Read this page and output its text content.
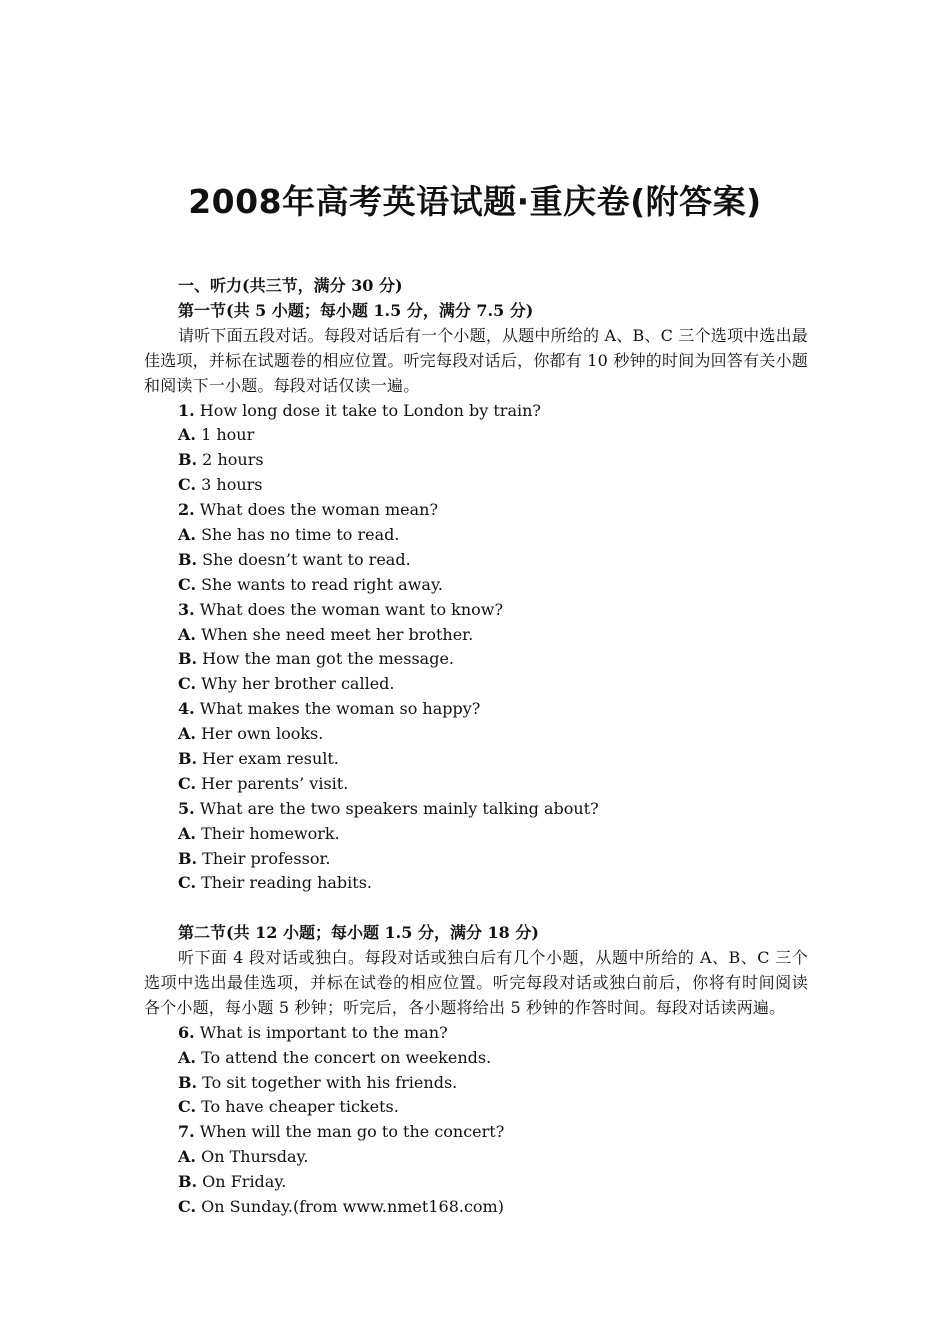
2008年高考英语试题·重庆卷(附答案)
一、听力(共三节，满分 30 分)
第一节(共 5 小题；每小题 1.5 分，满分 7.5 分)
请听下面五段对话。每段对话后有一个小题，从题中所给的 A、B、C 三个选项中选出最佳选项，并标在试题卷的相应位置。听完每段对话后，你都有 10 秒钟的时间为回答有关小题和阅读下一小题。每段对话仅读一遍。
1. How long dose it take to London by train?
A. 1 hour
B. 2 hours
C. 3 hours
2. What does the woman mean?
A. She has no time to read.
B. She doesn’t want to read.
C. She wants to read right away.
3. What does the woman want to know?
A. When she need meet her brother.
B. How the man got the message.
C. Why her brother called.
4. What makes the woman so happy?
A. Her own looks.
B. Her exam result.
C. Her parents’ visit.
5. What are the two speakers mainly talking about?
A. Their homework.
B. Their professor.
C. Their reading habits.
第二节(共 12 小题；每小题 1.5 分，满分 18 分)
听下面 4 段对话或独白。每段对话或独白后有几个小题，从题中所给的 A、B、C 三个选项中选出最佳选项，并标在试卷的相应位置。听完每段对话或独白前后，你将有时间阅读各个小题，每小题 5 秒钟；听完后，各小题将给出 5 秒钟的作答时间。每段对话读两遍。
6. What is important to the man?
A. To attend the concert on weekends.
B. To sit together with his friends.
C. To have cheaper tickets.
7. When will the man go to the concert?
A. On Thursday.
B. On Friday.
C. On Sunday.(from www.nmet168.com)
